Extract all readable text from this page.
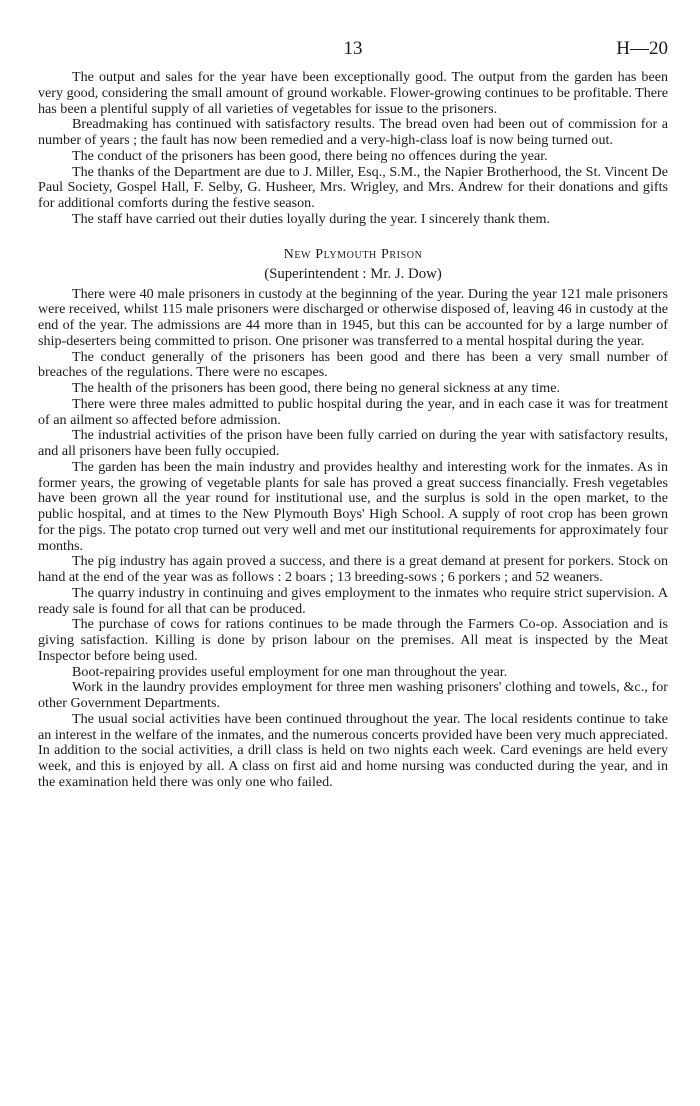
13	H—20

The output and sales for the year have been exceptionally good. The output from the garden has been very good, considering the small amount of ground workable. Flower-growing continues to be profitable. There has been a plentiful supply of all varieties of vegetables for issue to the prisoners.

Breadmaking has continued with satisfactory results. The bread oven had been out of commission for a number of years ; the fault has now been remedied and a very-high-class loaf is now being turned out.

The conduct of the prisoners has been good, there being no offences during the year.

The thanks of the Department are due to J. Miller, Esq., S.M., the Napier Brotherhood, the St. Vincent De Paul Society, Gospel Hall, F. Selby, G. Husheer, Mrs. Wrigley, and Mrs. Andrew for their donations and gifts for additional comforts during the festive season.

The staff have carried out their duties loyally during the year. I sincerely thank them.

New Plymouth Prison
(Superintendent : Mr. J. Dow)

There were 40 male prisoners in custody at the beginning of the year. During the year 121 male prisoners were received, whilst 115 male prisoners were discharged or otherwise disposed of, leaving 46 in custody at the end of the year. The admissions are 44 more than in 1945, but this can be accounted for by a large number of ship-deserters being committed to prison. One prisoner was transferred to a mental hospital during the year.

The conduct generally of the prisoners has been good and there has been a very small number of breaches of the regulations. There were no escapes.

The health of the prisoners has been good, there being no general sickness at any time.

There were three males admitted to public hospital during the year, and in each case it was for treatment of an ailment so affected before admission.

The industrial activities of the prison have been fully carried on during the year with satisfactory results, and all prisoners have been fully occupied.

The garden has been the main industry and provides healthy and interesting work for the inmates. As in former years, the growing of vegetable plants for sale has proved a great success financially. Fresh vegetables have been grown all the year round for institutional use, and the surplus is sold in the open market, to the public hospital, and at times to the New Plymouth Boys' High School. A supply of root crop has been grown for the pigs. The potato crop turned out very well and met our institutional requirements for approximately four months.

The pig industry has again proved a success, and there is a great demand at present for porkers. Stock on hand at the end of the year was as follows : 2 boars ; 13 breeding-sows ; 6 porkers ; and 52 weaners.

The quarry industry in continuing and gives employment to the inmates who require strict supervision. A ready sale is found for all that can be produced.

The purchase of cows for rations continues to be made through the Farmers Co-op. Association and is giving satisfaction. Killing is done by prison labour on the premises. All meat is inspected by the Meat Inspector before being used.

Boot-repairing provides useful employment for one man throughout the year.

Work in the laundry provides employment for three men washing prisoners' clothing and towels, &c., for other Government Departments.

The usual social activities have been continued throughout the year. The local residents continue to take an interest in the welfare of the inmates, and the numerous concerts provided have been very much appreciated. In addition to the social activities, a drill class is held on two nights each week. Card evenings are held every week, and this is enjoyed by all. A class on first aid and home nursing was conducted during the year, and in the examination held there was only one who failed.
